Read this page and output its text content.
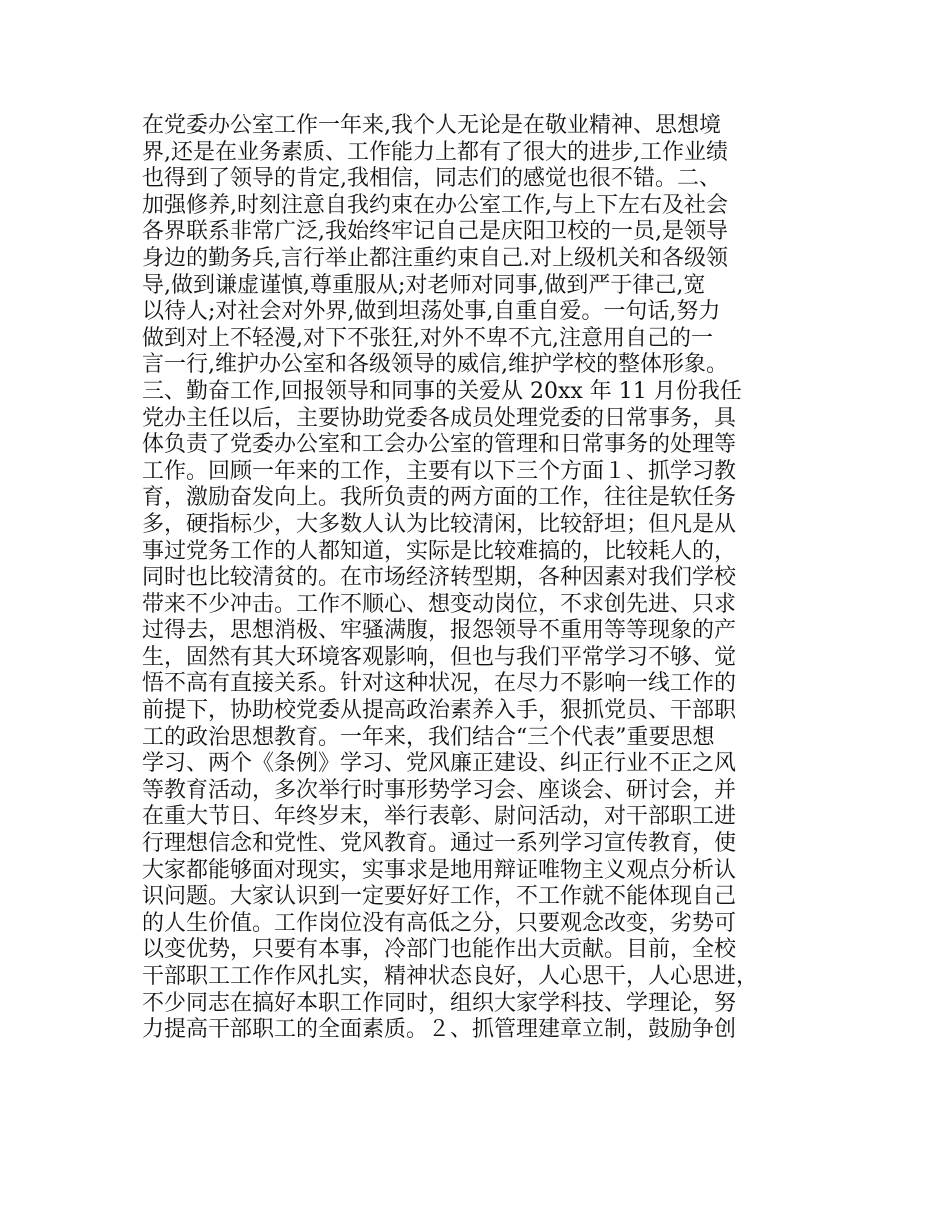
在党委办公室工作一年来,我个人无论是在敬业精神、思想境
界,还是在业务素质、工作能力上都有了很大的进步,工作业绩
也得到了领导的肯定,我相信，同志们的感觉也很不错。二、
加强修养,时刻注意自我约束在办公室工作,与上下左右及社会
各界联系非常广泛,我始终牢记自己是庆阳卫校的一员,是领导
身边的勤务兵,言行举止都注重约束自己.对上级机关和各级领
导,做到谦虚谨慎,尊重服从;对老师对同事,做到严于律己,宽
以待人;对社会对外界,做到坦荡处事,自重自爱。一句话,努力
做到对上不轻漫,对下不张狂,对外不卑不亢,注意用自己的一
言一行,维护办公室和各级领导的威信,维护学校的整体形象。
三、勤奋工作,回报领导和同事的关爱从 20xx 年 11 月份我任
党办主任以后，主要协助党委各成员处理党委的日常事务，具
体负责了党委办公室和工会办公室的管理和日常事务的处理等
工作。回顾一年来的工作，主要有以下三个方面１、抓学习教
育，激励奋发向上。我所负责的两方面的工作，往往是软任务
多，硬指标少，大多数人认为比较清闲，比较舒坦；但凡是从
事过党务工作的人都知道，实际是比较难搞的，比较耗人的，
同时也比较清贫的。在市场经济转型期，各种因素对我们学校
带来不少冲击。工作不顺心、想变动岗位，不求创先进、只求
过得去，思想消极、牢骚满腹，报怨领导不重用等等现象的产
生，固然有其大环境客观影响，但也与我们平常学习不够、觉
悟不高有直接关系。针对这种状况，在尽力不影响一线工作的
前提下，协助校党委从提高政治素养入手，狠抓党员、干部职
工的政治思想教育。一年来，我们结合“三个代表”重要思想
学习、两个《条例》学习、党风廉正建设、纠正行业不正之风
等教育活动，多次举行时事形势学习会、座谈会、研讨会，并
在重大节日、年终岁末，举行表彰、尉问活动，对干部职工进
行理想信念和党性、党风教育。通过一系列学习宣传教育，使
大家都能够面对现实，实事求是地用辩证唯物主义观点分析认
识问题。大家认识到一定要好好工作，不工作就不能体现自己
的人生价值。工作岗位没有高低之分，只要观念改变，劣势可
以变优势，只要有本事，冷部门也能作出大贡献。目前，全校
干部职工工作作风扎实，精神状态良好，人心思干，人心思进，
不少同志在搞好本职工作同时，组织大家学科技、学理论，努
力提高干部职工的全面素质。２、抓管理建章立制，鼓励争创
